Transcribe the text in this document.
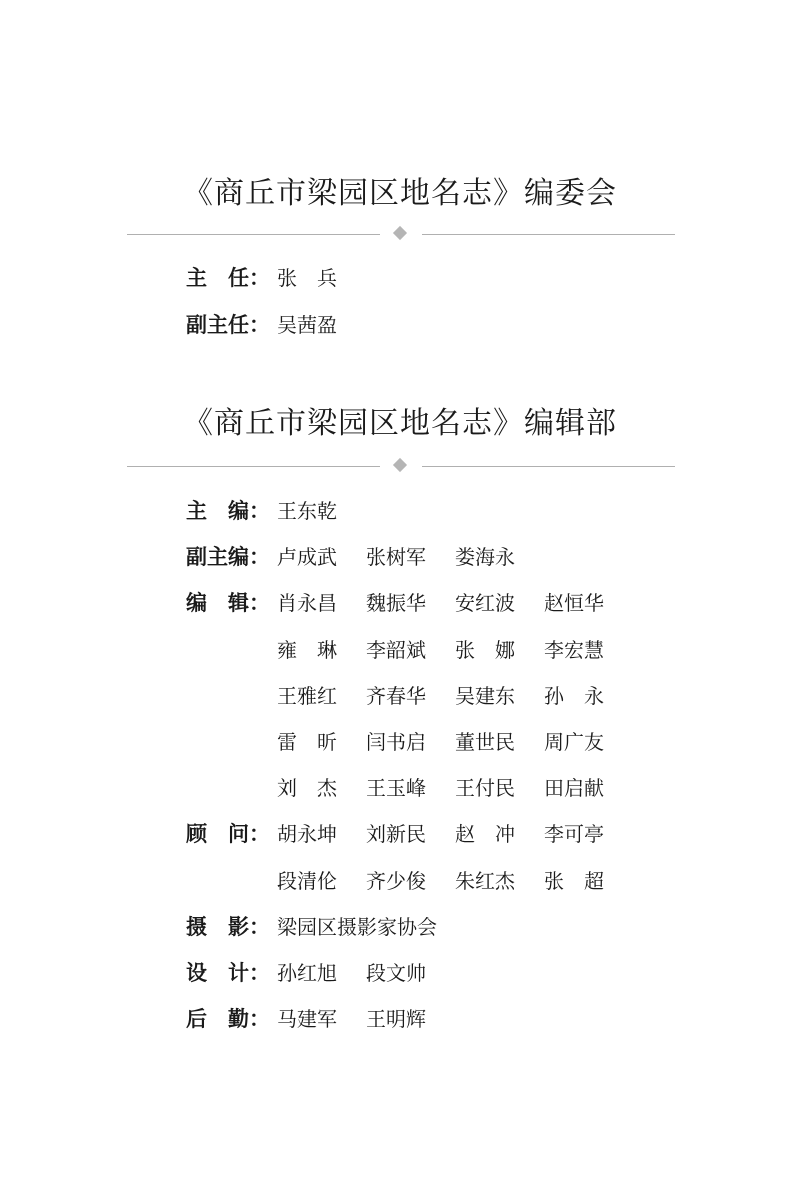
《商丘市梁园区地名志》编委会
主　任： 张　兵
副主任： 吴茜盈
《商丘市梁园区地名志》编辑部
主　编： 王东乾
副主编： 卢成武	张树军	娄海永
编　辑： 肖永昌	魏振华	安红波	赵恒华
雍　琳	李韶斌	张　娜	李宏慧
王雅红	齐春华	吴建东	孙　永
雷　昕	闫书启	董世民	周广友
刘　杰	王玉峰	王付民	田启献
顾　问： 胡永坤	刘新民	赵　冲	李可亭
段清伦	齐少俊	朱红杰	张　超
摄　影： 梁园区摄影家协会
设　计： 孙红旭	段文帅
后　勤： 马建军	王明辉
